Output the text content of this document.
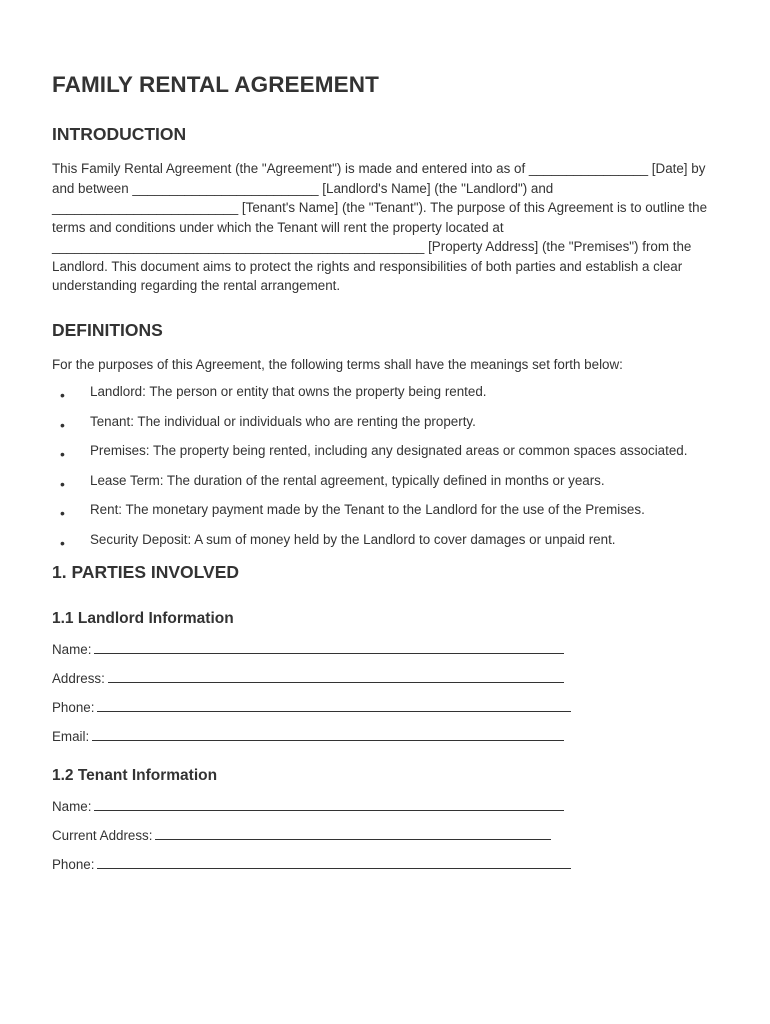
FAMILY RENTAL AGREEMENT
INTRODUCTION

This Family Rental Agreement (the "Agreement") is made and entered into as of ________________ [Date] by and between _________________________ [Landlord's Name] (the "Landlord") and _________________________ [Tenant's Name] (the "Tenant"). The purpose of this Agreement is to outline the terms and conditions under which the Tenant will rent the property located at __________________________________________________ [Property Address] (the "Premises") from the Landlord. This document aims to protect the rights and responsibilities of both parties and establish a clear understanding regarding the rental arrangement.

DEFINITIONS

For the purposes of this Agreement, the following terms shall have the meanings set forth below:

• Landlord: The person or entity that owns the property being rented.
• Tenant: The individual or individuals who are renting the property.
• Premises: The property being rented, including any designated areas or common spaces associated.
• Lease Term: The duration of the rental agreement, typically defined in months or years.
• Rent: The monetary payment made by the Tenant to the Landlord for the use of the Premises.
• Security Deposit: A sum of money held by the Landlord to cover damages or unpaid rent.
1. PARTIES INVOLVED
1.1 Landlord Information
Name:
Address:
Phone:
Email:
1.2 Tenant Information
Name:
Current Address:
Phone:
